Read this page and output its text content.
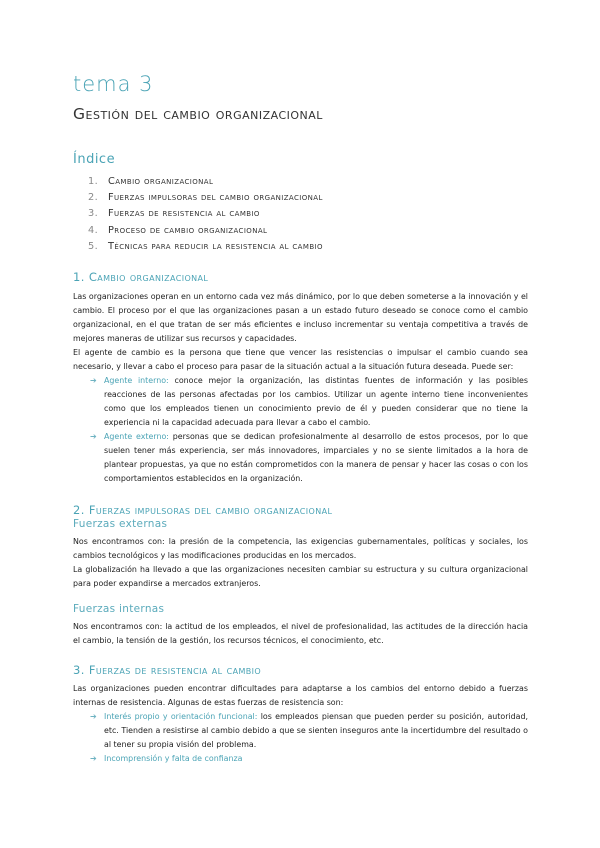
tema 3
Gestión del cambio organizacional
Índice
1. Cambio organizacional
2. Fuerzas impulsoras del cambio organizacional
3. Fuerzas de resistencia al cambio
4. Proceso de cambio organizacional
5. Técnicas para reducir la resistencia al cambio
1. Cambio organizacional
Las organizaciones operan en un entorno cada vez más dinámico, por lo que deben someterse a la innovación y el cambio. El proceso por el que las organizaciones pasan a un estado futuro deseado se conoce como el cambio organizacional, en el que tratan de ser más eficientes e incluso incrementar su ventaja competitiva a través de mejores maneras de utilizar sus recursos y capacidades.
El agente de cambio es la persona que tiene que vencer las resistencias o impulsar el cambio cuando sea necesario, y llevar a cabo el proceso para pasar de la situación actual a la situación futura deseada. Puede ser:
➔ Agente interno: conoce mejor la organización, las distintas fuentes de información y las posibles reacciones de las personas afectadas por los cambios. Utilizar un agente interno tiene inconvenientes como que los empleados tienen un conocimiento previo de él y pueden considerar que no tiene la experiencia ni la capacidad adecuada para llevar a cabo el cambio.
➔ Agente externo: personas que se dedican profesionalmente al desarrollo de estos procesos, por lo que suelen tener más experiencia, ser más innovadores, imparciales y no se siente limitados a la hora de plantear propuestas, ya que no están comprometidos con la manera de pensar y hacer las cosas o con los comportamientos establecidos en la organización.
2. Fuerzas impulsoras del cambio organizacional
Fuerzas externas
Nos encontramos con: la presión de la competencia, las exigencias gubernamentales, políticas y sociales, los cambios tecnológicos y las modificaciones producidas en los mercados.
La globalización ha llevado a que las organizaciones necesiten cambiar su estructura y su cultura organizacional para poder expandirse a mercados extranjeros.
Fuerzas internas
Nos encontramos con: la actitud de los empleados, el nivel de profesionalidad, las actitudes de la dirección hacia el cambio, la tensión de la gestión, los recursos técnicos, el conocimiento, etc.
3. Fuerzas de resistencia al cambio
Las organizaciones pueden encontrar dificultades para adaptarse a los cambios del entorno debido a fuerzas internas de resistencia. Algunas de estas fuerzas de resistencia son:
➔ Interés propio y orientación funcional: los empleados piensan que pueden perder su posición, autoridad, etc. Tienden a resistirse al cambio debido a que se sienten inseguros ante la incertidumbre del resultado o al tener su propia visión del problema.
➔ Incomprensión y falta de confianza
